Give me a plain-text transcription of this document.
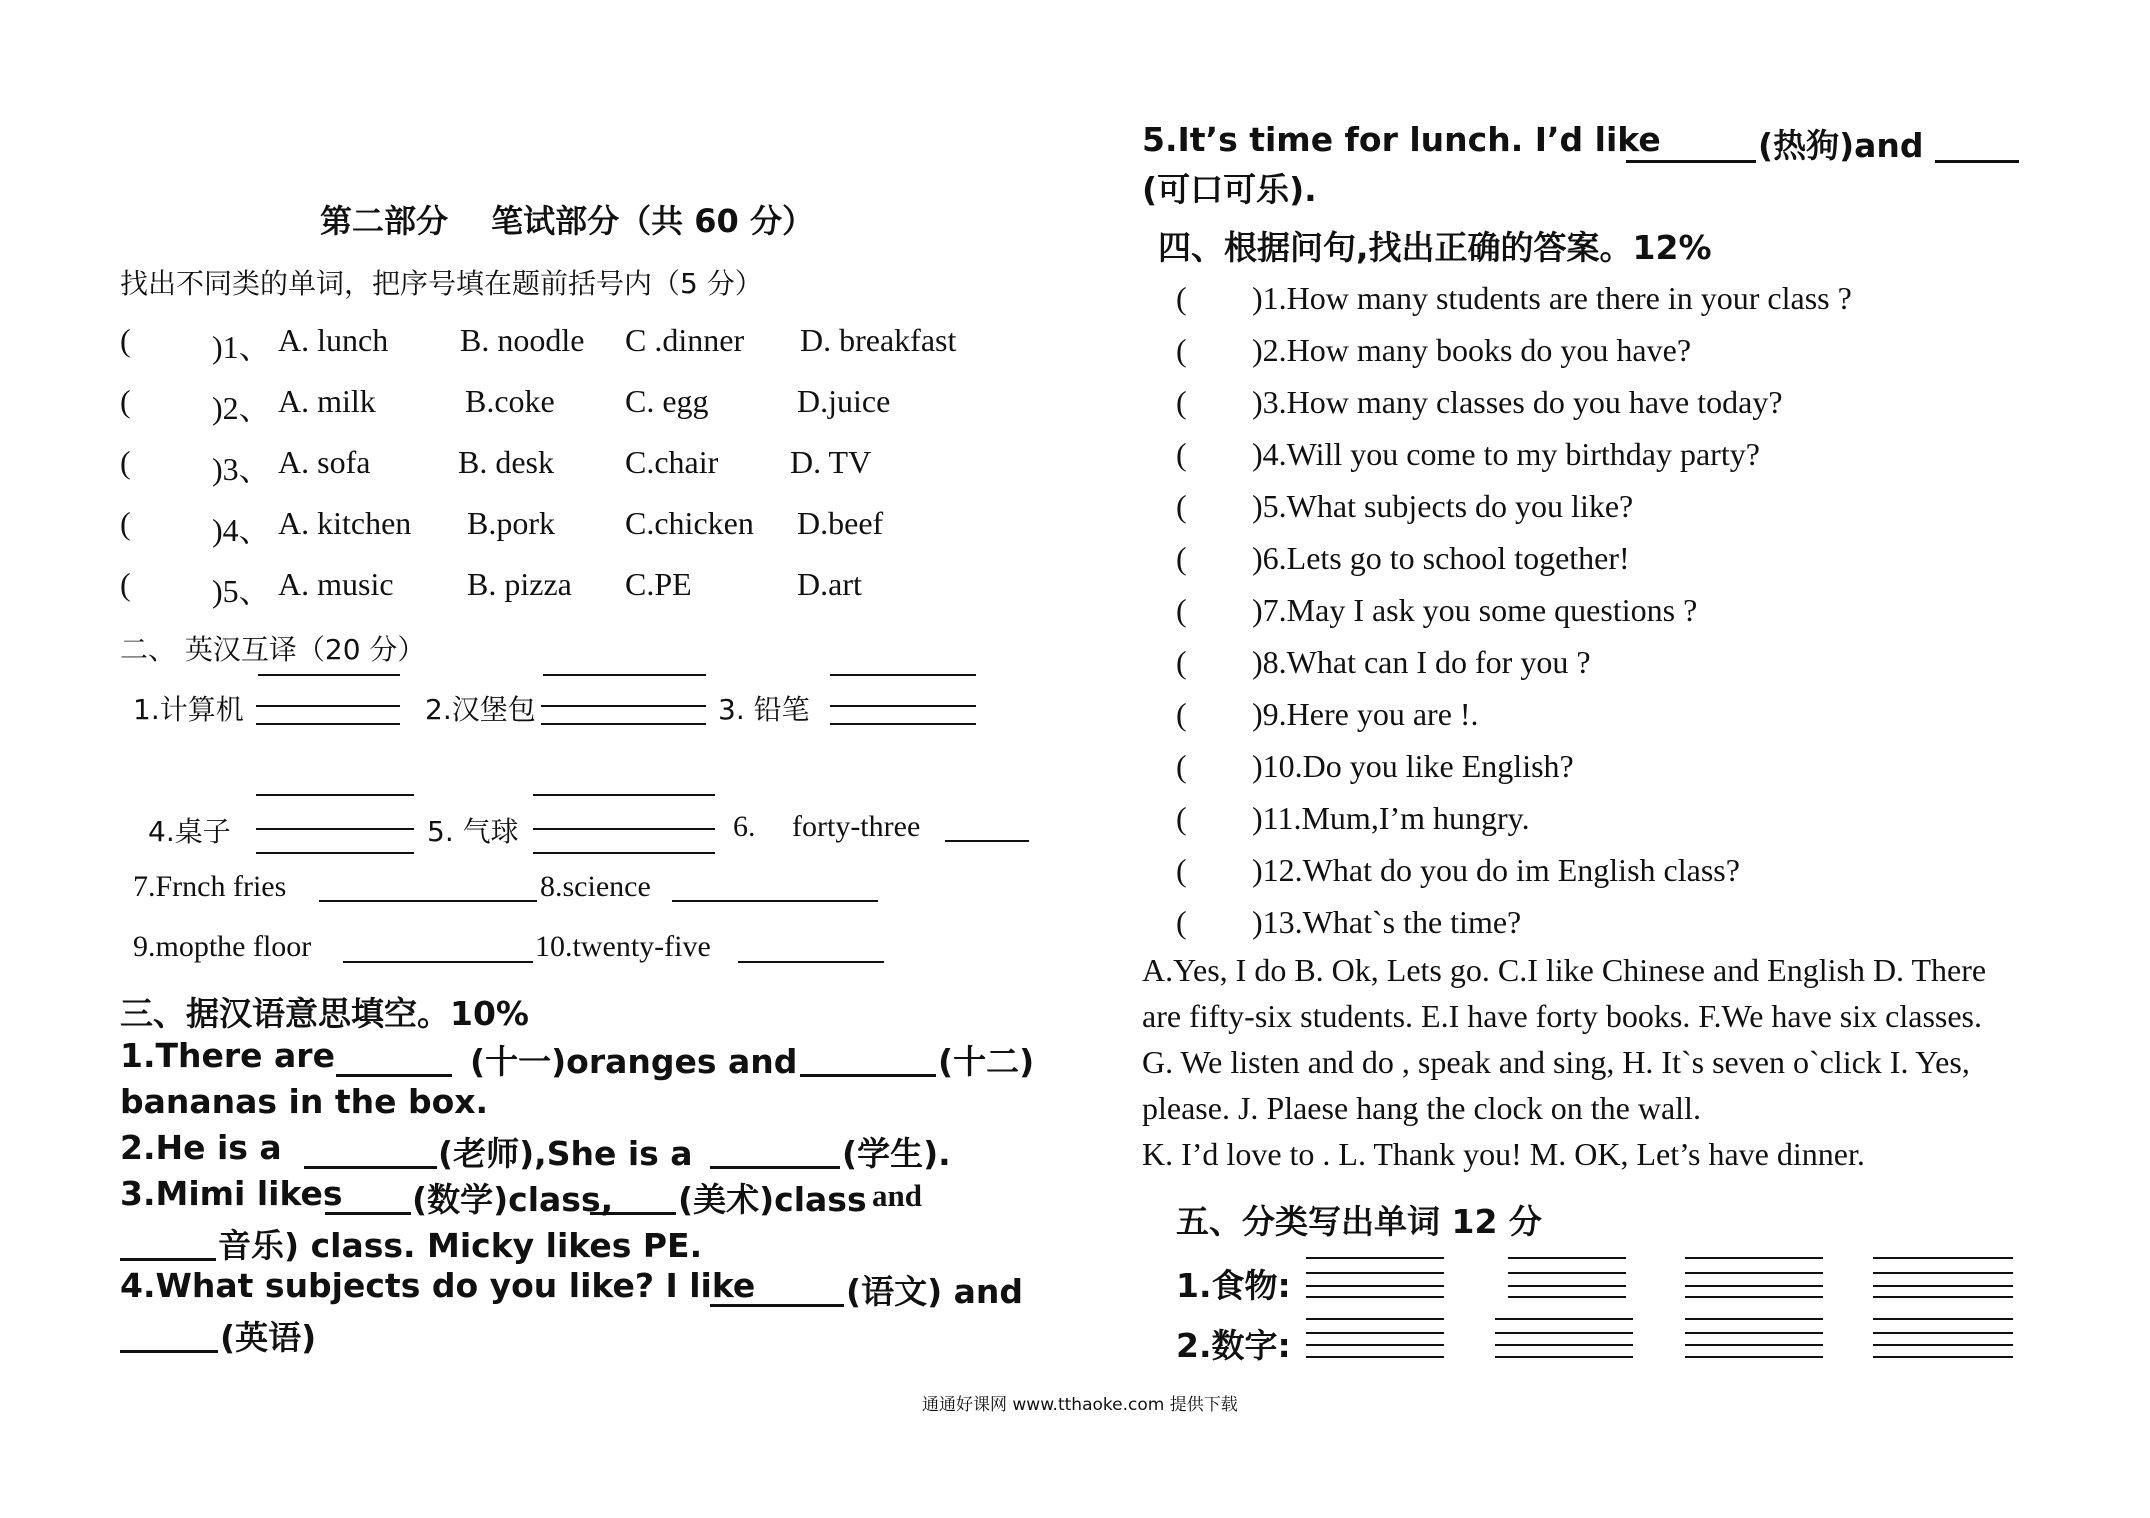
第二部分　 笔试部分（共 60 分）
找出不同类的单词，把序号填在题前括号内（5 分）
(	)1、 A. lunch B. noodle C .dinner D. breakfast
(	)2、 A. milk	B.coke C. egg	D.juice
(	)3、 A. sofa	B. desk C.chair D. TV
(	)4、 A. kitchen B.pork C.chicken D.beef
(	)5、 A. music B. pizza C.PE	D.art
二、 英汉互译（20 分）
1.计算机	2.汉堡包	3. 铅笔
4.桌子	5. 气球	6. forty-three
7.Frnch fries	8.science
9.mopthe floor	10.twenty-five
三、据汉语意思填空。10%
1.There are	(十一)oranges and	(十二)
bananas in the box.
2.He is a	(老师),She is a	(学生).
3.Mimi likes (数学)class, (美术)class and
音乐) class. Micky likes PE.
4.What subjects do you like? I like	(语文) and
(英语)
5.It’s time for lunch. I’d like	(热狗)and
(可口可乐).
四、根据问句,找出正确的答案。12%
( )1.How many students are there in your class ?
( )2.How many books do you have?
( )3.How many classes do you have today?
( )4.Will you come to my birthday party?
( )5.What subjects do you like?
( )6.Lets go to school together!
( )7.May I ask you some questions ?
( )8.What can I do for you ?
( )9.Here you are !.
( )10.Do you like English?
( )11.Mum,I’m hungry.
( )12.What do you do im English class?
( )13.What`s the time?
A.Yes, I do B. Ok, Lets go. C.I like Chinese and English D. There
are fifty-six students. E.I have forty books. F.We have six classes.
G. We listen and do , speak and sing, H. It`s seven o`click I. Yes,
please. J. Plaese hang the clock on the wall.
K. I’d love to . L. Thank you! M. OK, Let’s have dinner.
五、分类写出单词 12 分
1.食物:
2.数字:
通通好课网 www.tthaoke.com 提供下载
